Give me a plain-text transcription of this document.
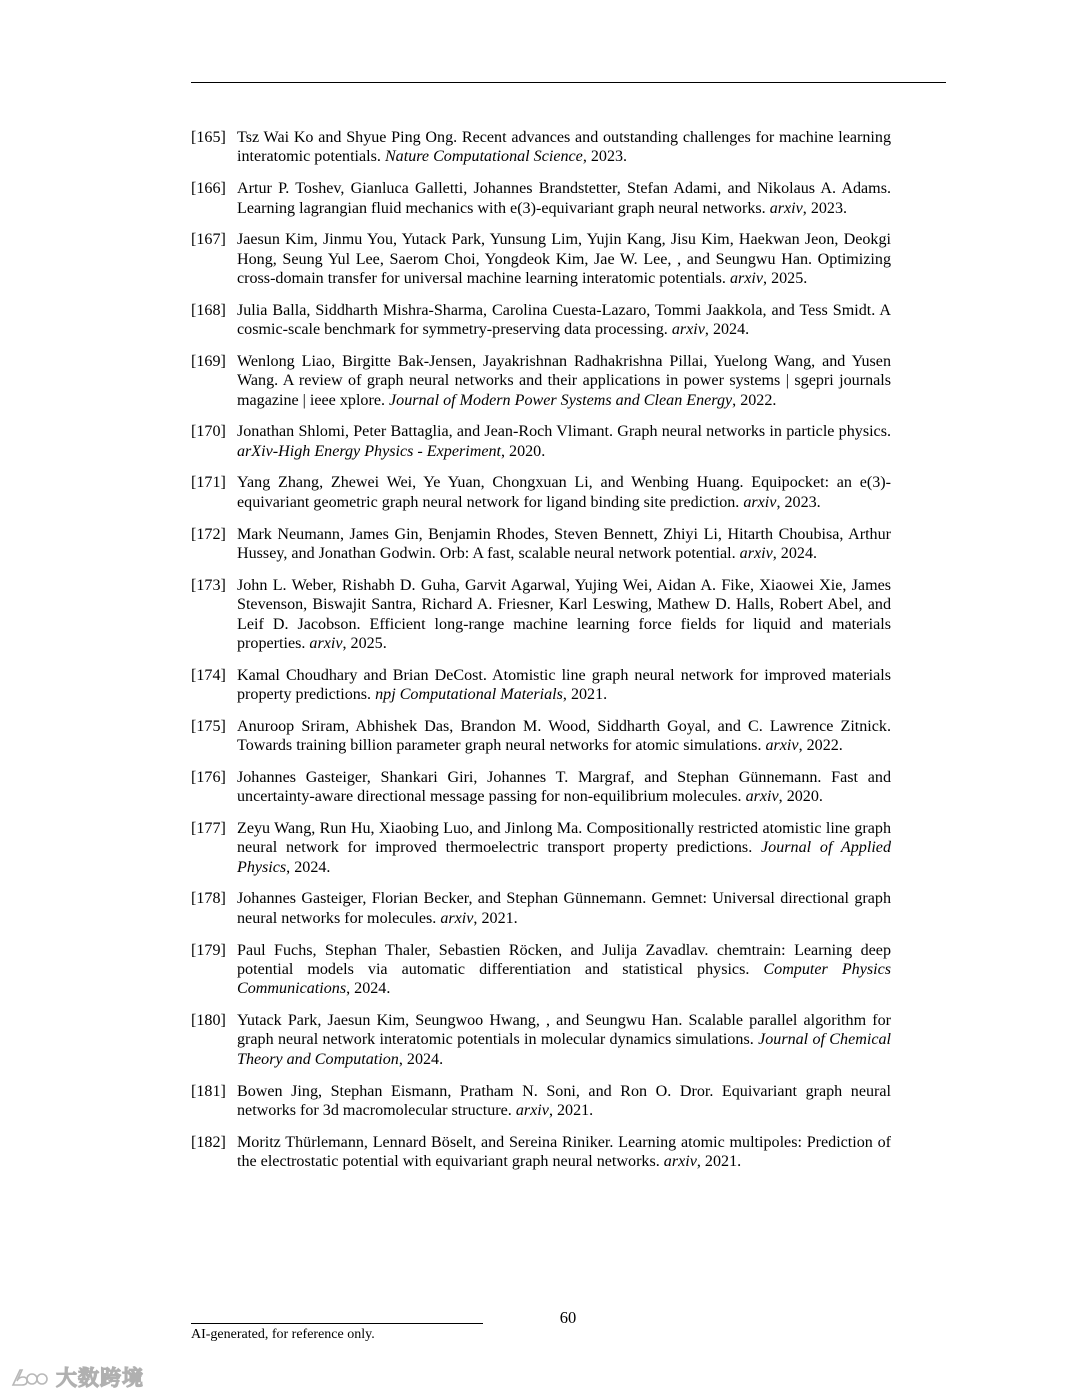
[165] Tsz Wai Ko and Shyue Ping Ong. Recent advances and outstanding challenges for machine learning interatomic potentials. Nature Computational Science, 2023.
[166] Artur P. Toshev, Gianluca Galletti, Johannes Brandstetter, Stefan Adami, and Nikolaus A. Adams. Learning lagrangian fluid mechanics with e(3)-equivariant graph neural networks. arxiv, 2023.
[167] Jaesun Kim, Jinmu You, Yutack Park, Yunsung Lim, Yujin Kang, Jisu Kim, Haekwan Jeon, Deokgi Hong, Seung Yul Lee, Saerom Choi, Yongdeok Kim, Jae W. Lee, , and Seungwu Han. Optimizing cross-domain transfer for universal machine learning interatomic potentials. arxiv, 2025.
[168] Julia Balla, Siddharth Mishra-Sharma, Carolina Cuesta-Lazaro, Tommi Jaakkola, and Tess Smidt. A cosmic-scale benchmark for symmetry-preserving data processing. arxiv, 2024.
[169] Wenlong Liao, Birgitte Bak-Jensen, Jayakrishnan Radhakrishna Pillai, Yuelong Wang, and Yusen Wang. A review of graph neural networks and their applications in power systems | sgepri journals magazine | ieee xplore. Journal of Modern Power Systems and Clean Energy, 2022.
[170] Jonathan Shlomi, Peter Battaglia, and Jean-Roch Vlimant. Graph neural networks in particle physics. arXiv-High Energy Physics - Experiment, 2020.
[171] Yang Zhang, Zhewei Wei, Ye Yuan, Chongxuan Li, and Wenbing Huang. Equipocket: an e(3)-equivariant geometric graph neural network for ligand binding site prediction. arxiv, 2023.
[172] Mark Neumann, James Gin, Benjamin Rhodes, Steven Bennett, Zhiyi Li, Hitarth Choubisa, Arthur Hussey, and Jonathan Godwin. Orb: A fast, scalable neural network potential. arxiv, 2024.
[173] John L. Weber, Rishabh D. Guha, Garvit Agarwal, Yujing Wei, Aidan A. Fike, Xiaowei Xie, James Stevenson, Biswajit Santra, Richard A. Friesner, Karl Leswing, Mathew D. Halls, Robert Abel, and Leif D. Jacobson. Efficient long-range machine learning force fields for liquid and materials properties. arxiv, 2025.
[174] Kamal Choudhary and Brian DeCost. Atomistic line graph neural network for improved materials property predictions. npj Computational Materials, 2021.
[175] Anuroop Sriram, Abhishek Das, Brandon M. Wood, Siddharth Goyal, and C. Lawrence Zitnick. Towards training billion parameter graph neural networks for atomic simulations. arxiv, 2022.
[176] Johannes Gasteiger, Shankari Giri, Johannes T. Margraf, and Stephan Günnemann. Fast and uncertainty-aware directional message passing for non-equilibrium molecules. arxiv, 2020.
[177] Zeyu Wang, Run Hu, Xiaobing Luo, and Jinlong Ma. Compositionally restricted atomistic line graph neural network for improved thermoelectric transport property predictions. Journal of Applied Physics, 2024.
[178] Johannes Gasteiger, Florian Becker, and Stephan Günnemann. Gemnet: Universal directional graph neural networks for molecules. arxiv, 2021.
[179] Paul Fuchs, Stephan Thaler, Sebastien Röcken, and Julija Zavadlav. chemtrain: Learning deep potential models via automatic differentiation and statistical physics. Computer Physics Communications, 2024.
[180] Yutack Park, Jaesun Kim, Seungwoo Hwang, , and Seungwu Han. Scalable parallel algorithm for graph neural network interatomic potentials in molecular dynamics simulations. Journal of Chemical Theory and Computation, 2024.
[181] Bowen Jing, Stephan Eismann, Pratham N. Soni, and Ron O. Dror. Equivariant graph neural networks for 3d macromolecular structure. arxiv, 2021.
[182] Moritz Thürlemann, Lennard Böselt, and Sereina Riniker. Learning atomic multipoles: Prediction of the electrostatic potential with equivariant graph neural networks. arxiv, 2021.
60
AI-generated, for reference only.
大数跨境
